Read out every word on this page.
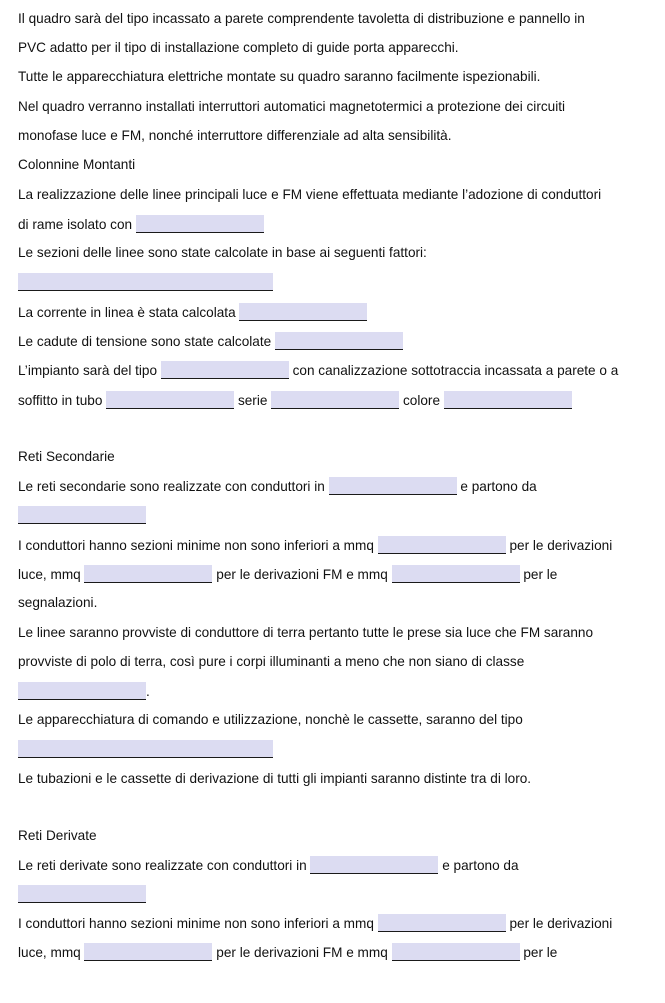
Il quadro sarà del tipo incassato a parete comprendente tavoletta di distribuzione e pannello in
PVC adatto per il tipo di installazione completo di guide porta apparecchi.
Tutte le apparecchiatura elettriche montate su quadro saranno facilmente ispezionabili.
Nel quadro verranno installati interruttori automatici magnetotermici a protezione dei circuiti
monofase luce e FM, nonché interruttore differenziale ad alta sensibilità.
Colonnine Montanti
La realizzazione delle linee principali luce e FM viene effettuata mediante l’adozione di conduttori
di rame isolato con
Le sezioni delle linee sono state calcolate in base ai seguenti fattori:
La corrente in linea è stata calcolata
Le cadute di tensione sono state calcolate
L’impianto sarà del tipo	con canalizzazione sottotraccia incassata a parete o a
soffitto in tubo	serie	colore
Reti Secondarie
Le reti secondarie sono realizzate con conduttori in	e partono da
I conduttori hanno sezioni minime non sono inferiori a mmq	per le derivazioni
luce, mmq	per le derivazioni FM e mmq	per le
segnalazioni.
Le linee saranno provviste di conduttore di terra pertanto tutte le prese sia luce che FM saranno
provviste di polo di terra, così pure i corpi illuminanti a meno che non siano di classe
.
Le apparecchiatura di comando e utilizzazione, nonchè le cassette, saranno del tipo
Le tubazioni e le cassette di derivazione di tutti gli impianti saranno distinte tra di loro.
Reti Derivate
Le reti derivate sono realizzate con conduttori in	e partono da
I conduttori hanno sezioni minime non sono inferiori a mmq	per le derivazioni
luce, mmq	per le derivazioni FM e mmq	per le
